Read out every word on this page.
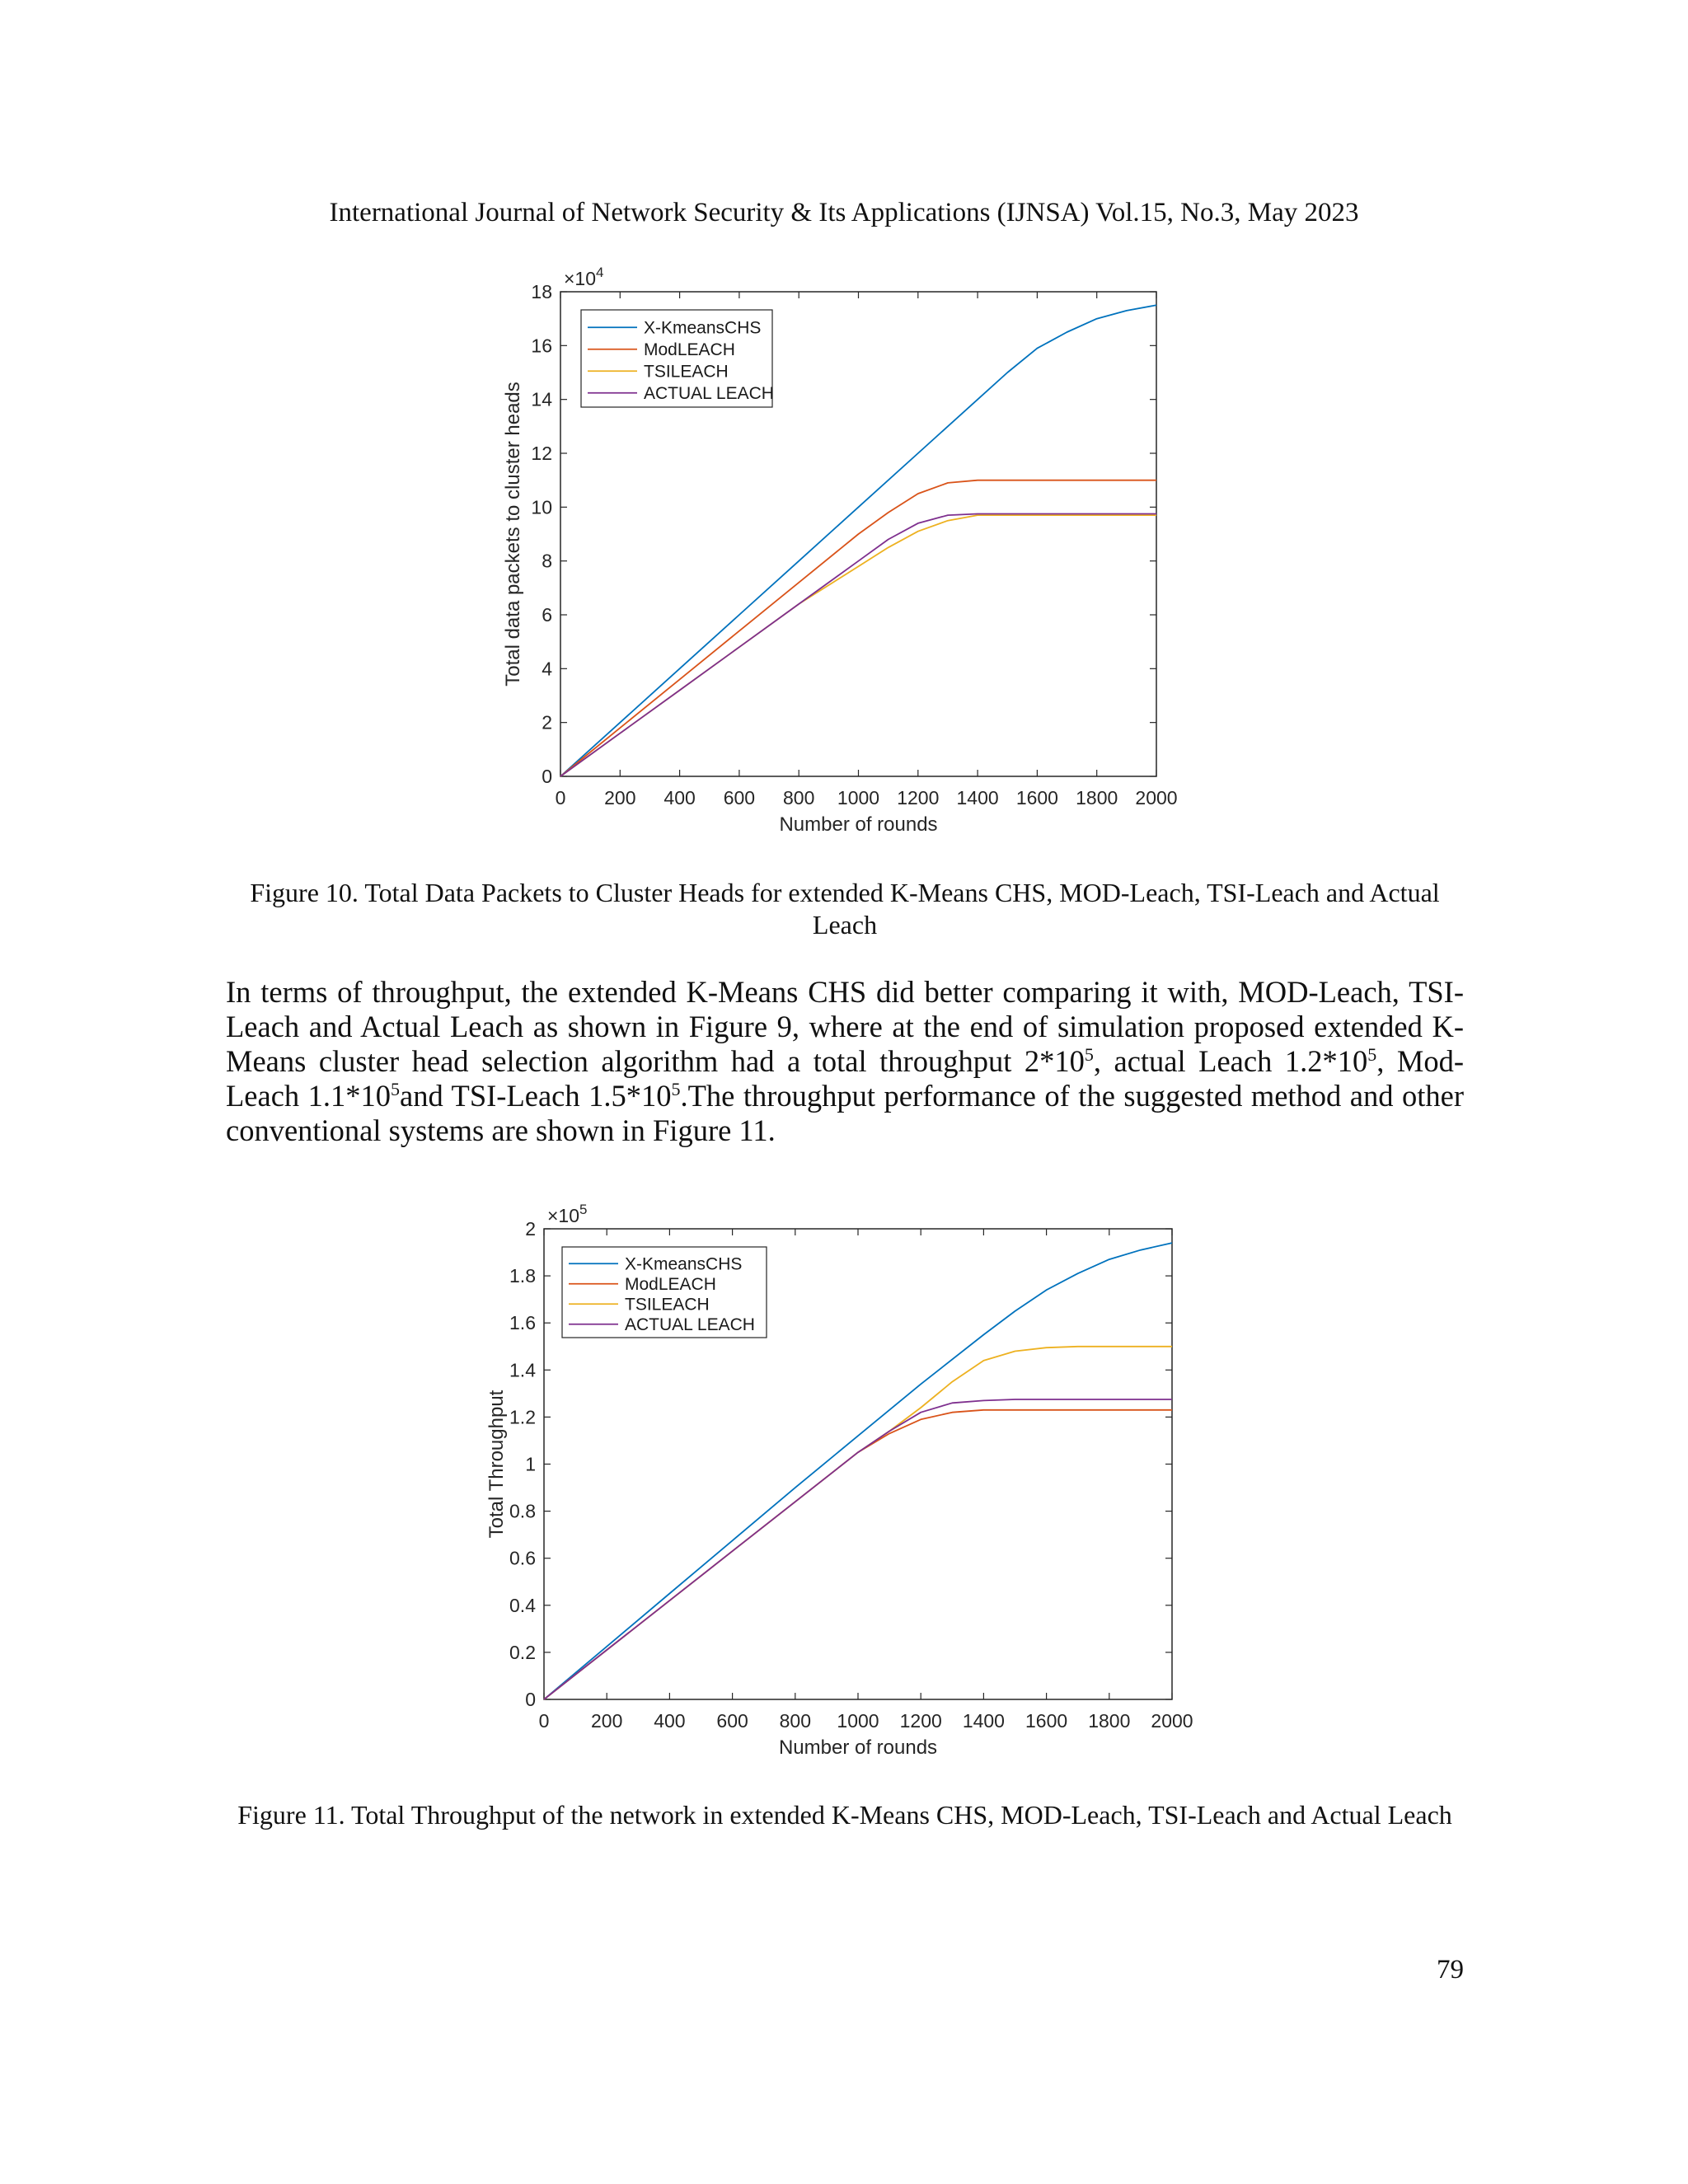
International Journal of Network Security & Its Applications (IJNSA) Vol.15, No.3, May 2023
0 200 400 600 800 1000 1200 1400 1600 1800 2000
0
2
4
6
8
10
12
14
16
18
$\times 10^4$
Number of rounds
Total data packets to cluster heads
X-KmeansCHS
ModLEACH
TSILEACH
ACTUAL LEACH
Figure 10. Total Data Packets to Cluster Heads for extended K-Means CHS, MOD-Leach, TSI-Leach and Actual Leach
In terms of throughput, the extended K-Means CHS did better comparing it with, MOD-Leach, TSI-Leach and Actual Leach as shown in Figure 9, where at the end of simulation proposed extended K-Means cluster head selection algorithm had a total throughput $2*10^5$, actual Leach $1.2*10^5$, Mod-Leach $1.1*10^5and$ TSI-Leach $1.5*10^5.The$ throughput performance of the suggested method and other conventional systems are shown in Figure 11.
0 200 400 600 800 1000 1200 1400 1600 1800 2000
0
0.2
0.4
0.6
0.8
1
1.2
1.4
1.6
1.8
2
$\times 10^5$
Number of rounds
Total Throughput
X-KmeansCHS
ModLEACH
TSILEACH
ACTUAL LEACH
Figure 11. Total Throughput of the network in extended K-Means CHS, MOD-Leach, TSI-Leach and Actual Leach
79
